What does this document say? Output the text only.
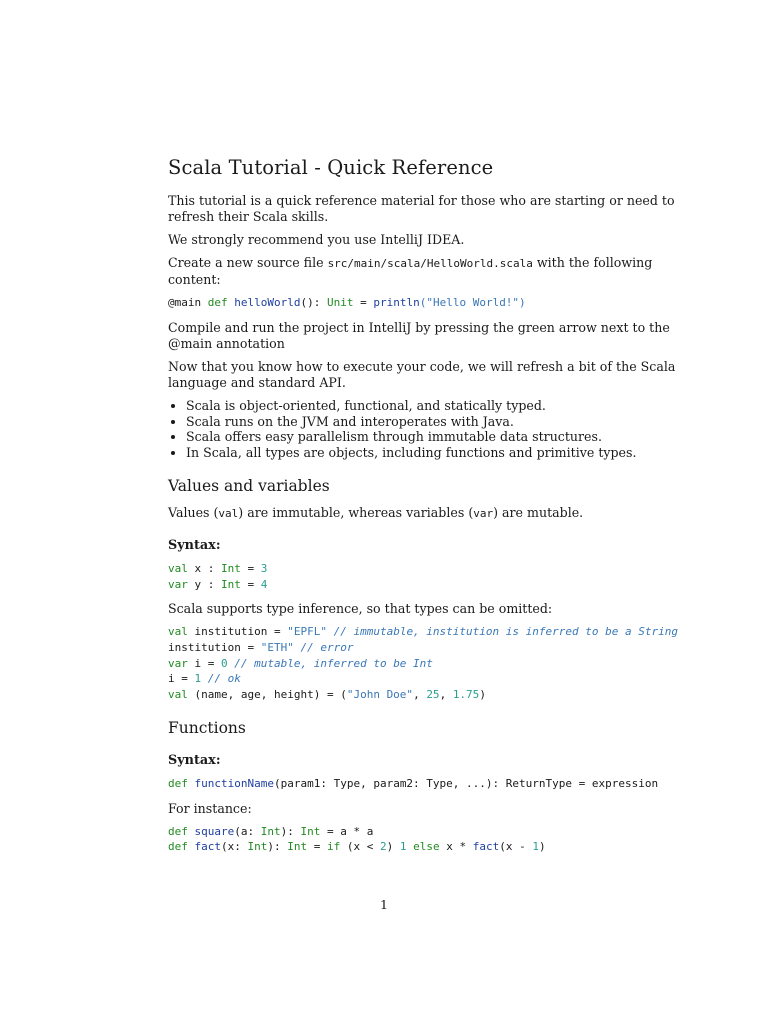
Scala Tutorial - Quick Reference

This tutorial is a quick reference material for those who are starting or need to refresh their Scala skills.

We strongly recommend you use IntelliJ IDEA.

Create a new source file src/main/scala/HelloWorld.scala with the following content:

@main def helloWorld(): Unit = println("Hello World!")

Compile and run the project in IntelliJ by pressing the green arrow next to the @main annotation

Now that you know how to execute your code, we will refresh a bit of the Scala language and standard API.

• Scala is object-oriented, functional, and statically typed.
• Scala runs on the JVM and interoperates with Java.
• Scala offers easy parallelism through immutable data structures.
• In Scala, all types are objects, including functions and primitive types.
Values and variables

Values (val) are immutable, whereas variables (var) are mutable.

Syntax:
val x : Int = 3
var y : Int = 4

Scala supports type inference, so that types can be omitted:

val institution = "EPFL" // immutable, institution is inferred to be a String
institution = "ETH" // error
var i = 0 // mutable, inferred to be Int
i = 1 // ok
val (name, age, height) = ("John Doe", 25, 1.75)
Functions
Syntax:
def functionName(param1: Type, param2: Type, ...): ReturnType = expression

For instance:

def square(a: Int): Int = a * a
def fact(x: Int): Int = if (x < 2) 1 else x * fact(x - 1)
1
